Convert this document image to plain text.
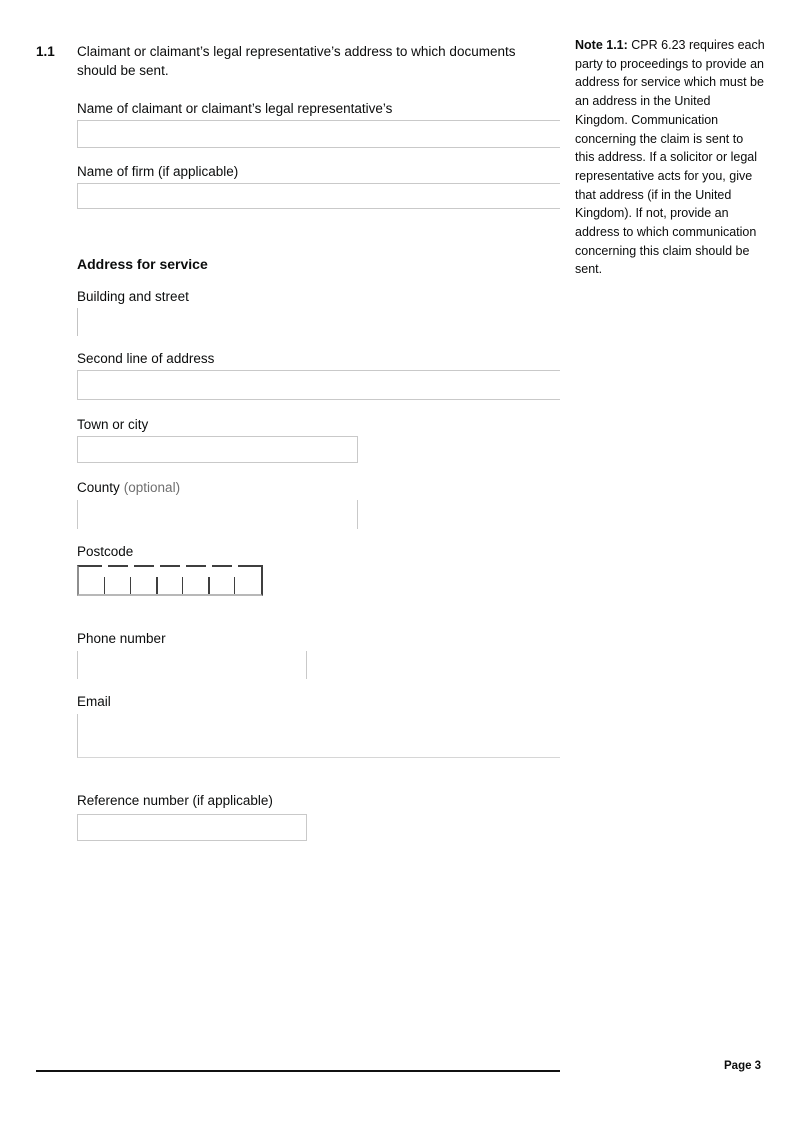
1.1	Claimant or claimant’s legal representative’s address to which documents should be sent.
Name of claimant or claimant’s legal representative’s
Name of firm (if applicable)
Address for service
Building and street
Second line of address
Town or city
County (optional)
Postcode
Phone number
Email
Reference number (if applicable)
Note 1.1: CPR 6.23 requires each party to proceedings to provide an address for service which must be an address in the United Kingdom. Communication concerning the claim is sent to this address. If a solicitor or legal representative acts for you, give that address (if in the United Kingdom). If not, provide an address to which communication concerning this claim should be sent.
Page 3
